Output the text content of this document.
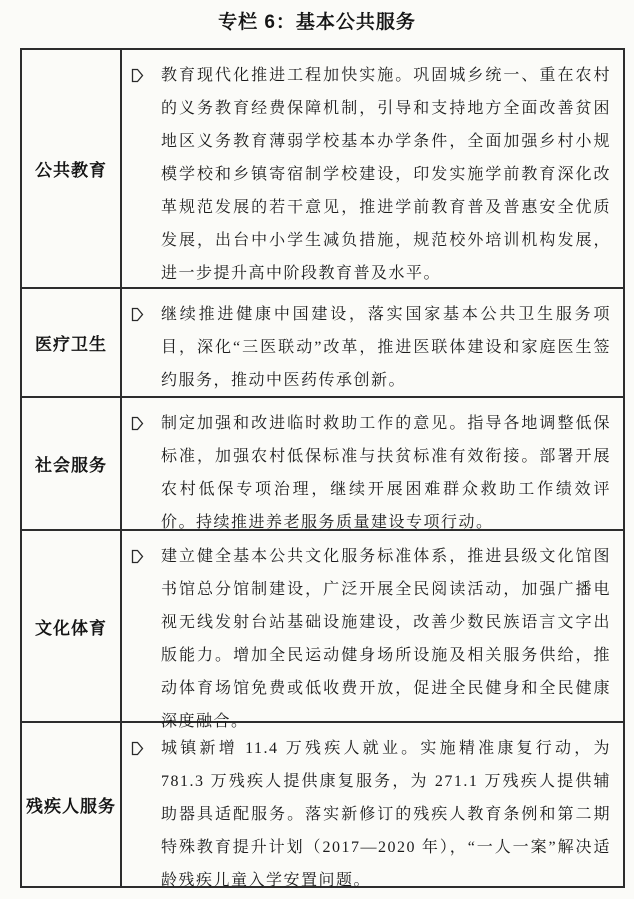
专栏 6：基本公共服务
公共教育

教育现代化推进工程加快实施。巩固城乡统一、重在农村的义务教育经费保障机制，引导和支持地方全面改善贫困地区义务教育薄弱学校基本办学条件，全面加强乡村小规模学校和乡镇寄宿制学校建设，印发实施学前教育深化改革规范发展的若干意见，推进学前教育普及普惠安全优质发展，出台中小学生减负措施，规范校外培训机构发展，进一步提升高中阶段教育普及水平。

医疗卫生

继续推进健康中国建设，落实国家基本公共卫生服务项目，深化“三医联动”改革，推进医联体建设和家庭医生签约服务，推动中医药传承创新。

社会服务

制定加强和改进临时救助工作的意见。指导各地调整低保标准，加强农村低保标准与扶贫标准有效衔接。部署开展农村低保专项治理，继续开展困难群众救助工作绩效评价。持续推进养老服务质量建设专项行动。

文化体育

建立健全基本公共文化服务标准体系，推进县级文化馆图书馆总分馆制建设，广泛开展全民阅读活动，加强广播电视无线发射台站基础设施建设，改善少数民族语言文字出版能力。增加全民运动健身场所设施及相关服务供给，推动体育场馆免费或低收费开放，促进全民健身和全民健康深度融合。

残疾人服务

城镇新增 11.4 万残疾人就业。实施精准康复行动，为 781.3 万残疾人提供康复服务，为 271.1 万残疾人提供辅助器具适配服务。落实新修订的残疾人教育条例和第二期特殊教育提升计划（2017—2020 年），“一人一案”解决适龄残疾儿童入学安置问题。
